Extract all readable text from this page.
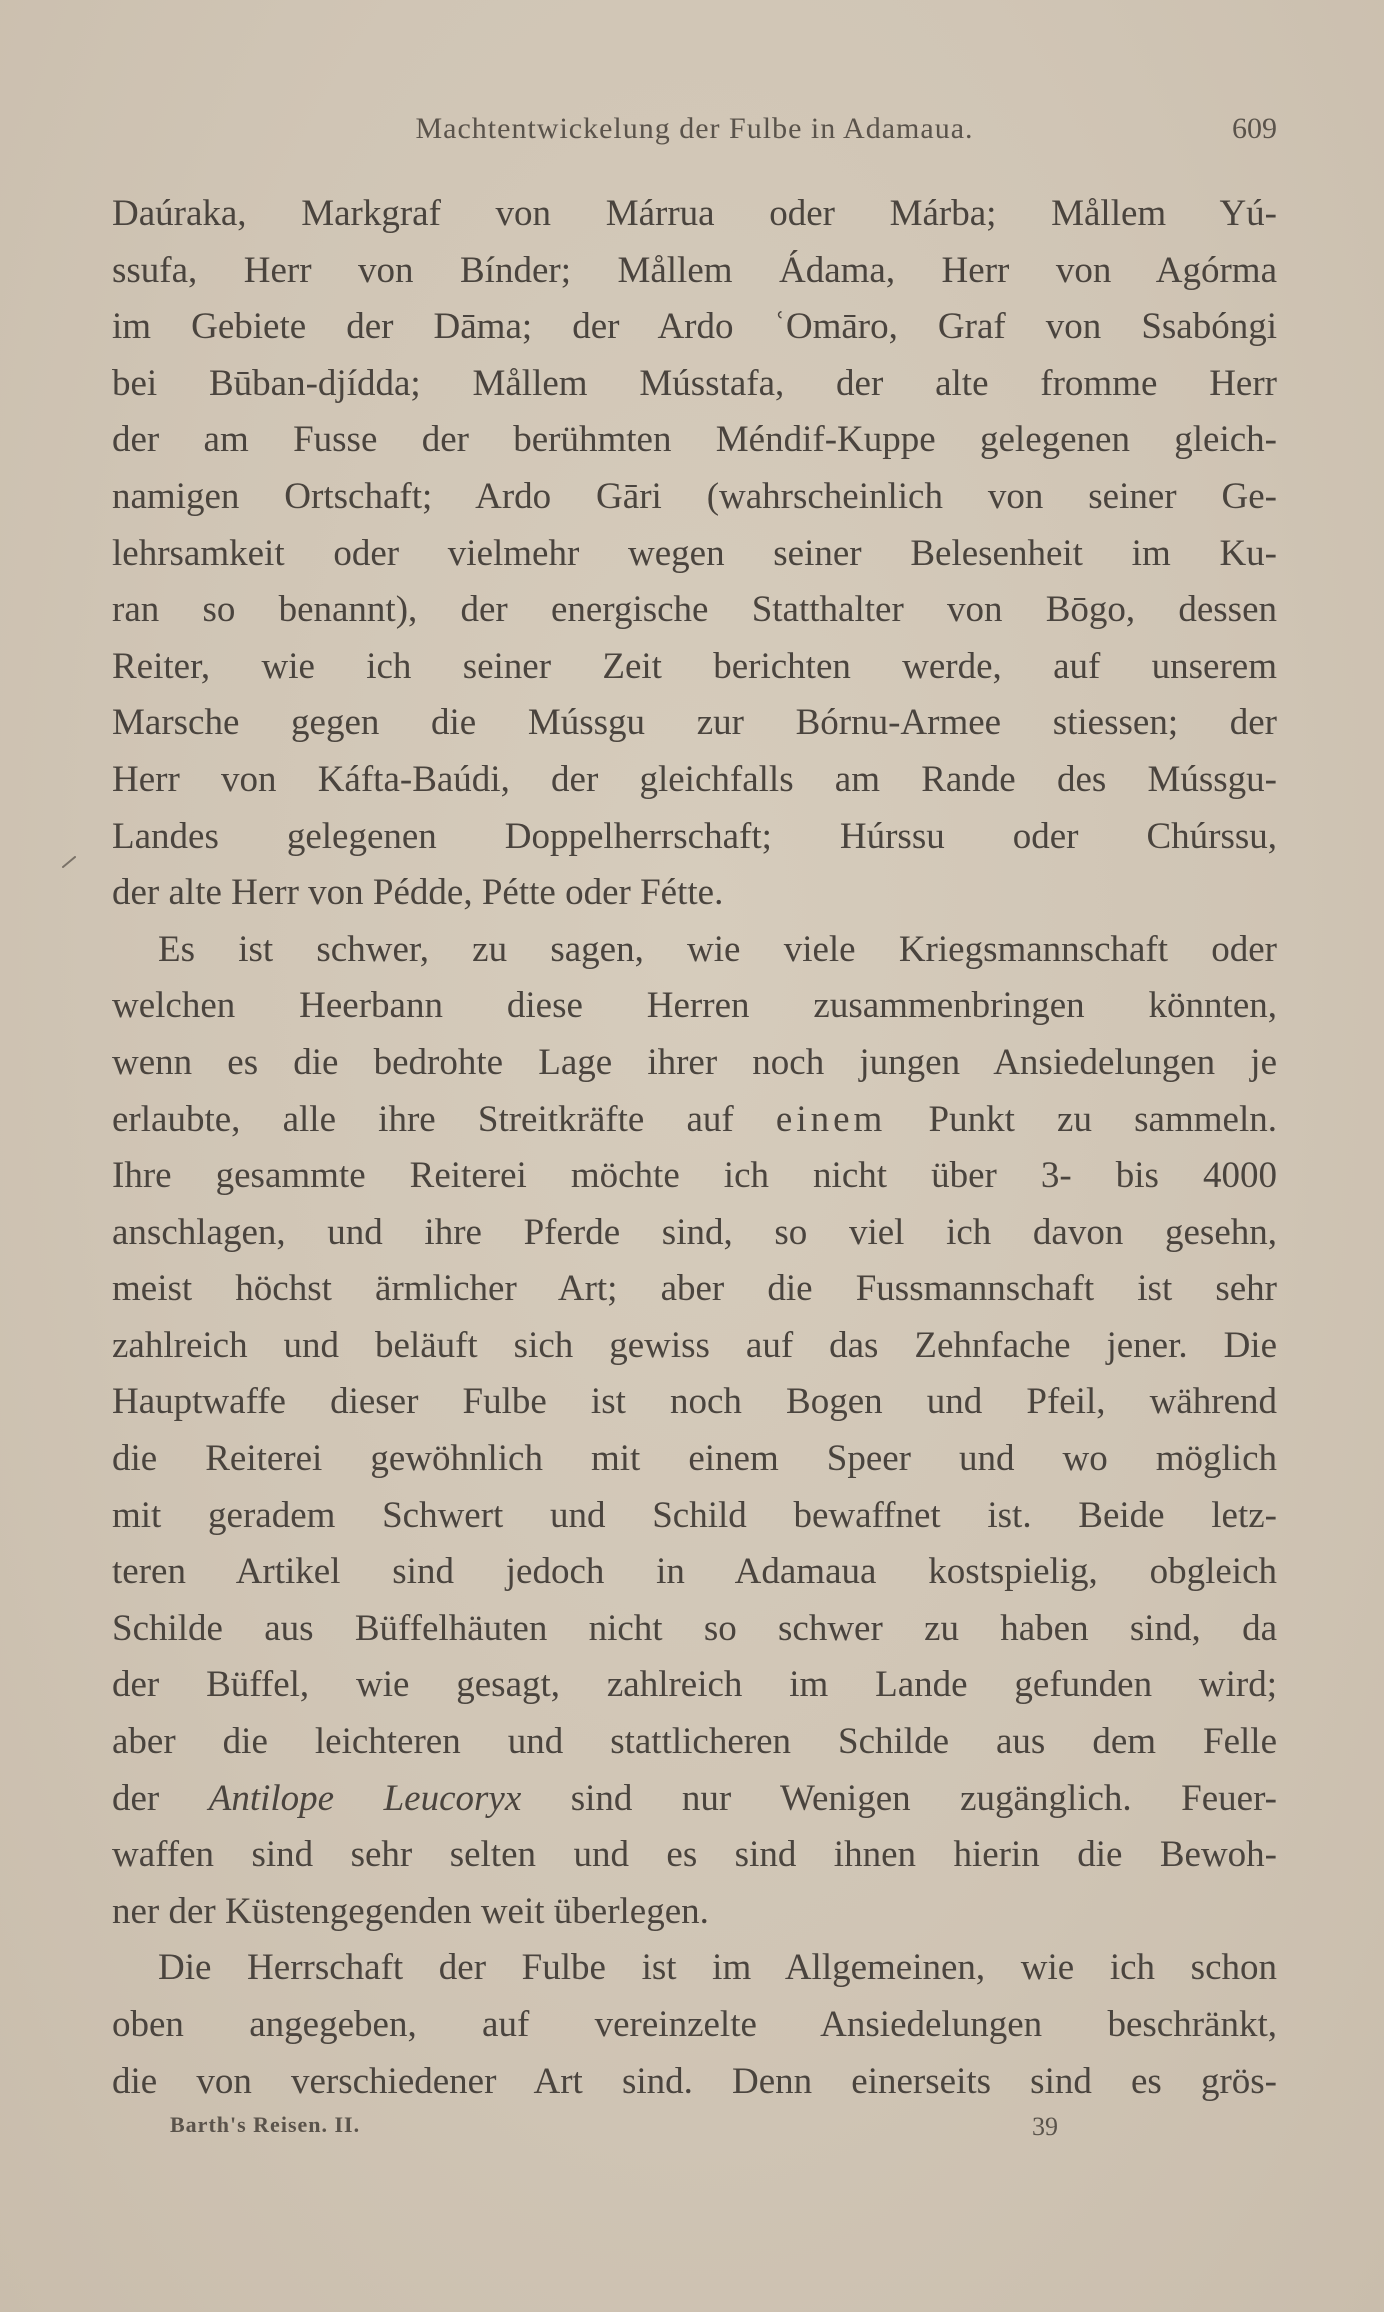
Machtentwickelung der Fulbe in Adamaua.	609
Daúraka, Markgraf von Márrua oder Márba; Mållem Yú-
ssufa, Herr von Bínder; Mållem Ádama, Herr von Agórma
im Gebiete der Dāma; der Ardo ʿOmāro, Graf von Ssabóngi
bei Būban-djídda; Mållem Músstafa, der alte fromme Herr
der am Fusse der berühmten Méndif-Kuppe gelegenen gleich-
namigen Ortschaft; Ardo Gāri (wahrscheinlich von seiner Ge-
lehrsamkeit oder vielmehr wegen seiner Belesenheit im Ku-
ran so benannt), der energische Statthalter von Bōgo, dessen
Reiter, wie ich seiner Zeit berichten werde, auf unserem
Marsche gegen die Mússgu zur Bórnu-Armee stiessen; der
Herr von Káfta-Baúdi, der gleichfalls am Rande des Mússgu-
Landes gelegenen Doppelherrschaft; Húrssu oder Chúrssu,
der alte Herr von Pédde, Pétte oder Fétte.
Es ist schwer, zu sagen, wie viele Kriegsmannschaft oder
welchen Heerbann diese Herren zusammenbringen könnten,
wenn es die bedrohte Lage ihrer noch jungen Ansiedelungen je
erlaubte, alle ihre Streitkräfte auf einem Punkt zu sammeln.
Ihre gesammte Reiterei möchte ich nicht über 3- bis 4000
anschlagen, und ihre Pferde sind, so viel ich davon gesehn,
meist höchst ärmlicher Art; aber die Fussmannschaft ist sehr
zahlreich und beläuft sich gewiss auf das Zehnfache jener. Die
Hauptwaffe dieser Fulbe ist noch Bogen und Pfeil, während
die Reiterei gewöhnlich mit einem Speer und wo möglich
mit geradem Schwert und Schild bewaffnet ist. Beide letz-
teren Artikel sind jedoch in Adamaua kostspielig, obgleich
Schilde aus Büffelhäuten nicht so schwer zu haben sind, da
der Büffel, wie gesagt, zahlreich im Lande gefunden wird;
aber die leichteren und stattlicheren Schilde aus dem Felle
der Antilope Leucoryx sind nur Wenigen zugänglich. Feuer-
waffen sind sehr selten und es sind ihnen hierin die Bewoh-
ner der Küstengegenden weit überlegen.
Die Herrschaft der Fulbe ist im Allgemeinen, wie ich schon
oben angegeben, auf vereinzelte Ansiedelungen beschränkt,
die von verschiedener Art sind. Denn einerseits sind es grös-
Barth's Reisen. II.	39
